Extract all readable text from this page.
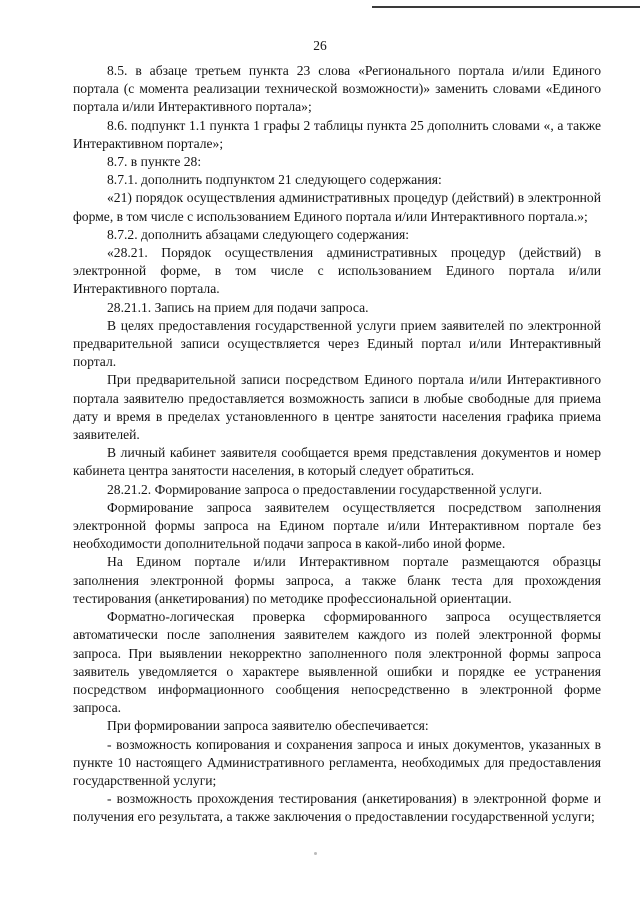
26

8.5. в абзаце третьем пункта 23 слова «Регионального портала и/или Единого портала (с момента реализации технической возможности)» заменить словами «Единого портала и/или Интерактивного портала»;

8.6. подпункт 1.1 пункта 1 графы 2 таблицы пункта 25 дополнить словами «, а также Интерактивном портале»;

8.7. в пункте 28:

8.7.1. дополнить подпунктом 21 следующего содержания:

«21) порядок осуществления административных процедур (действий) в электронной форме, в том числе с использованием Единого портала и/или Интерактивного портала.»;

8.7.2. дополнить абзацами следующего содержания:

«28.21. Порядок осуществления административных процедур (действий) в электронной форме, в том числе с использованием Единого портала и/или Интерактивного портала.

28.21.1. Запись на прием для подачи запроса.

В целях предоставления государственной услуги прием заявителей по электронной предварительной записи осуществляется через Единый портал и/или Интерактивный портал.

При предварительной записи посредством Единого портала и/или Интерактивного портала заявителю предоставляется возможность записи в любые свободные для приема дату и время в пределах установленного в центре занятости населения графика приема заявителей.

В личный кабинет заявителя сообщается время представления документов и номер кабинета центра занятости населения, в который следует обратиться.

28.21.2. Формирование запроса о предоставлении государственной услуги.

Формирование запроса заявителем осуществляется посредством заполнения электронной формы запроса на Едином портале и/или Интерактивном портале без необходимости дополнительной подачи запроса в какой-либо иной форме.

На Едином портале и/или Интерактивном портале размещаются образцы заполнения электронной формы запроса, а также бланк теста для прохождения тестирования (анкетирования) по методике профессиональной ориентации.

Форматно-логическая проверка сформированного запроса осуществляется автоматически после заполнения заявителем каждого из полей электронной формы запроса. При выявлении некорректно заполненного поля электронной формы запроса заявитель уведомляется о характере выявленной ошибки и порядке ее устранения посредством информационного сообщения непосредственно в электронной форме запроса.

При формировании запроса заявителю обеспечивается:

- возможность копирования и сохранения запроса и иных документов, указанных в пункте 10 настоящего Административного регламента, необходимых для предоставления государственной услуги;

- возможность прохождения тестирования (анкетирования) в электронной форме и получения его результата, а также заключения о предоставлении государственной услуги;
